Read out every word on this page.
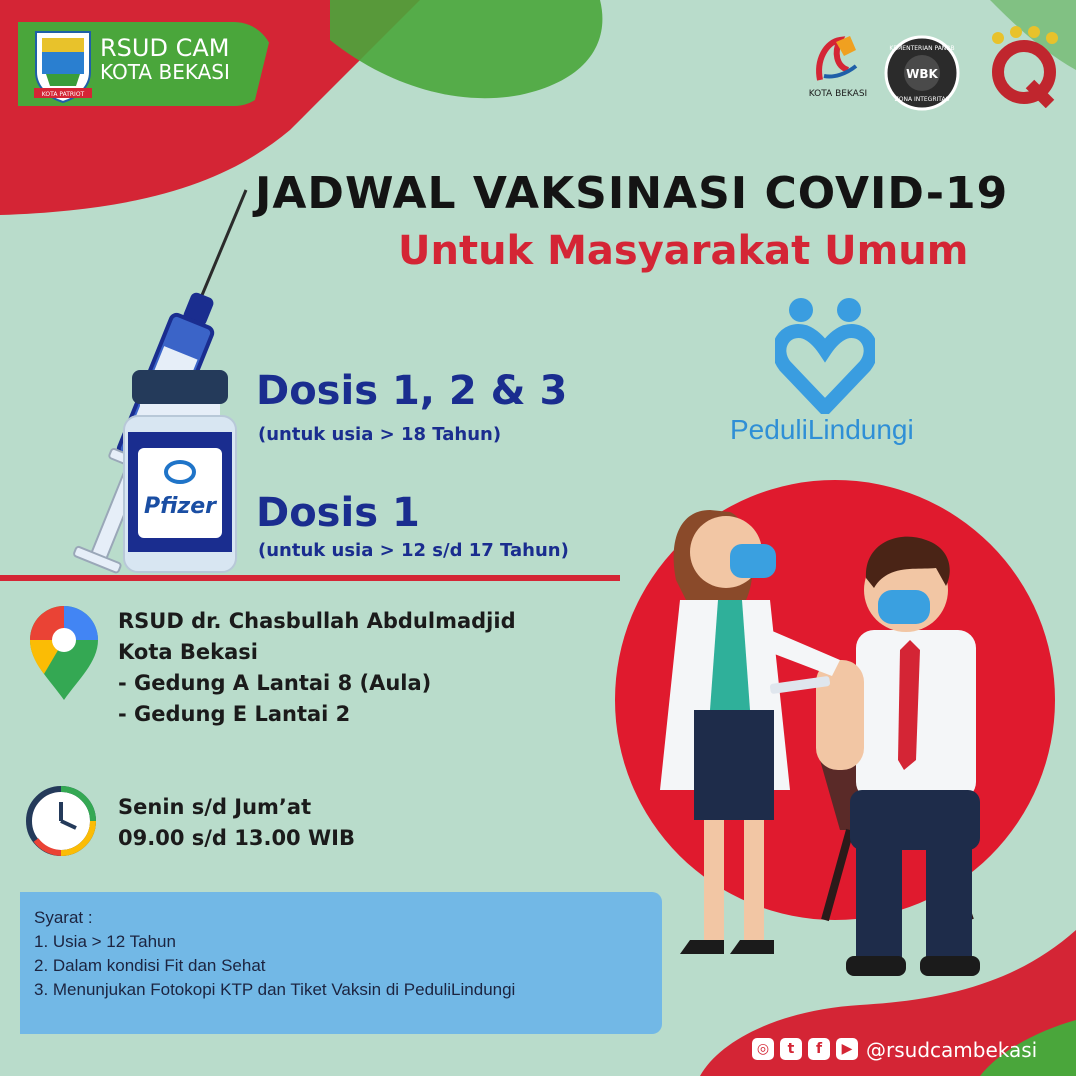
KOTA PATRIOT
RSUD CAM
KOTA BEKASI
KOTA BEKASI
WBK
KEMENTERIAN PANRB
ZONA INTEGRITAS
JADWAL VAKSINASI COVID-19
Untuk Masyarakat Umum
PeduliLindungi
Pfizer
Dosis 1, 2 & 3
(untuk usia > 18 Tahun)
Dosis 1
(untuk usia > 12 s/d 17 Tahun)
RSUD dr. Chasbullah Abdulmadjid
Kota Bekasi
- Gedung A Lantai 8 (Aula)
- Gedung E Lantai 2
Senin s/d Jum’at
09.00 s/d 13.00 WIB
Syarat :
1. Usia > 12 Tahun
2. Dalam kondisi Fit dan Sehat
3. Menunjukan Fotokopi KTP dan Tiket Vaksin di PeduliLindungi
◎	t	f	▶ @rsudcambekasi
